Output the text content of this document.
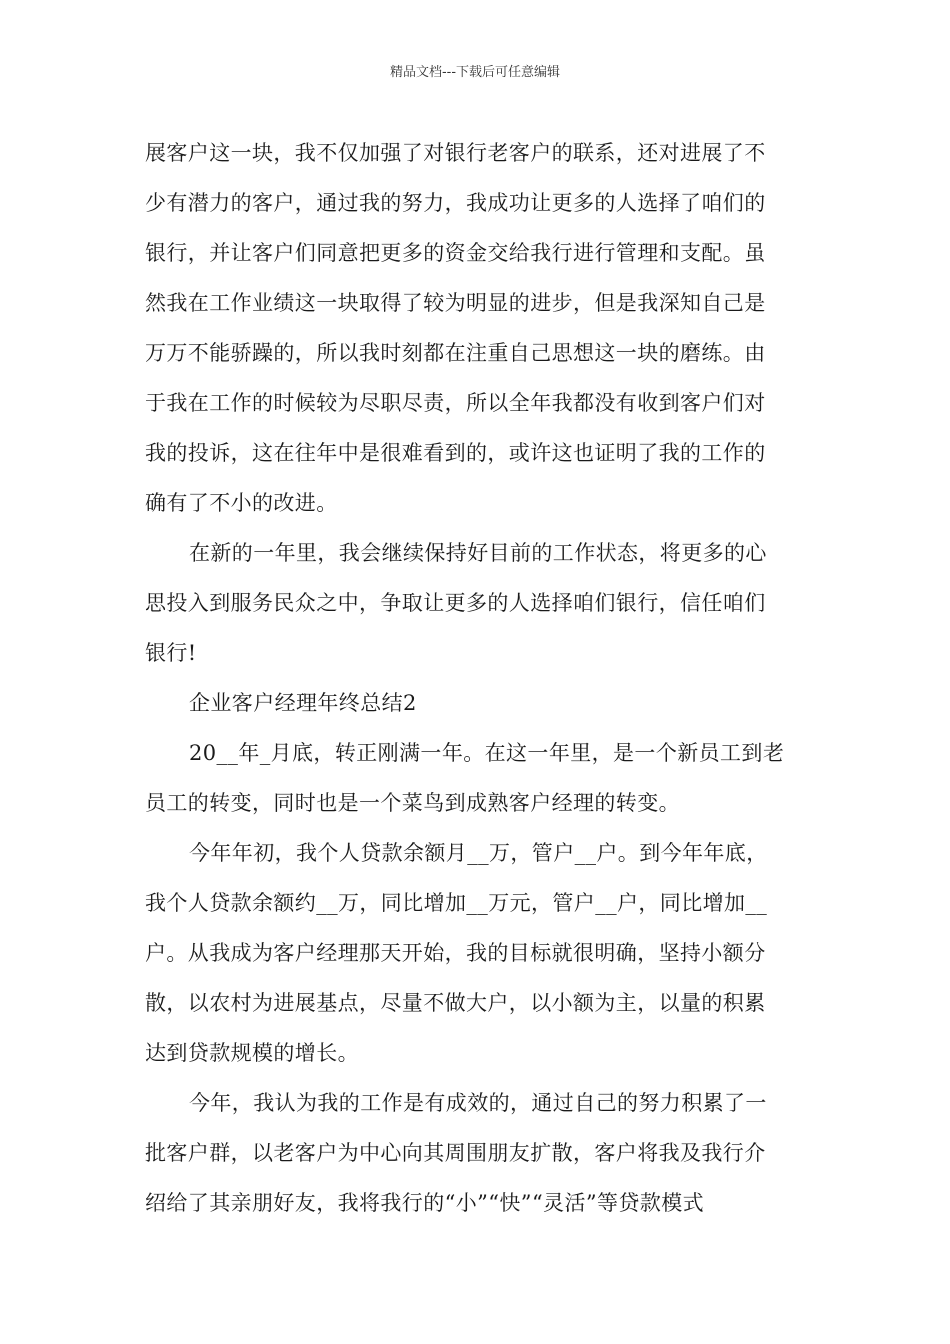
精品文档---下载后可任意编辑
展客户这一块，我不仅加强了对银行老客户的联系，还对进展了不
少有潜力的客户，通过我的努力，我成功让更多的人选择了咱们的
银行，并让客户们同意把更多的资金交给我行进行管理和支配。虽
然我在工作业绩这一块取得了较为明显的进步，但是我深知自己是
万万不能骄躁的，所以我时刻都在注重自己思想这一块的磨练。由
于我在工作的时候较为尽职尽责，所以全年我都没有收到客户们对
我的投诉，这在往年中是很难看到的，或许这也证明了我的工作的
确有了不小的改进。
在新的一年里，我会继续保持好目前的工作状态，将更多的心
思投入到服务民众之中，争取让更多的人选择咱们银行，信任咱们
银行!
企业客户经理年终总结2
20__年_月底，转正刚满一年。在这一年里，是一个新员工到老
员工的转变，同时也是一个菜鸟到成熟客户经理的转变。
今年年初，我个人贷款余额月__万，管户__户。到今年年底，
我个人贷款余额约__万，同比增加__万元，管户__户，同比增加__
户。从我成为客户经理那天开始，我的目标就很明确，坚持小额分
散，以农村为进展基点，尽量不做大户，以小额为主，以量的积累
达到贷款规模的增长。
今年，我认为我的工作是有成效的，通过自己的努力积累了一
批客户群，以老客户为中心向其周围朋友扩散，客户将我及我行介
绍给了其亲朋好友，我将我行的“小”“快”“灵活”等贷款模式
